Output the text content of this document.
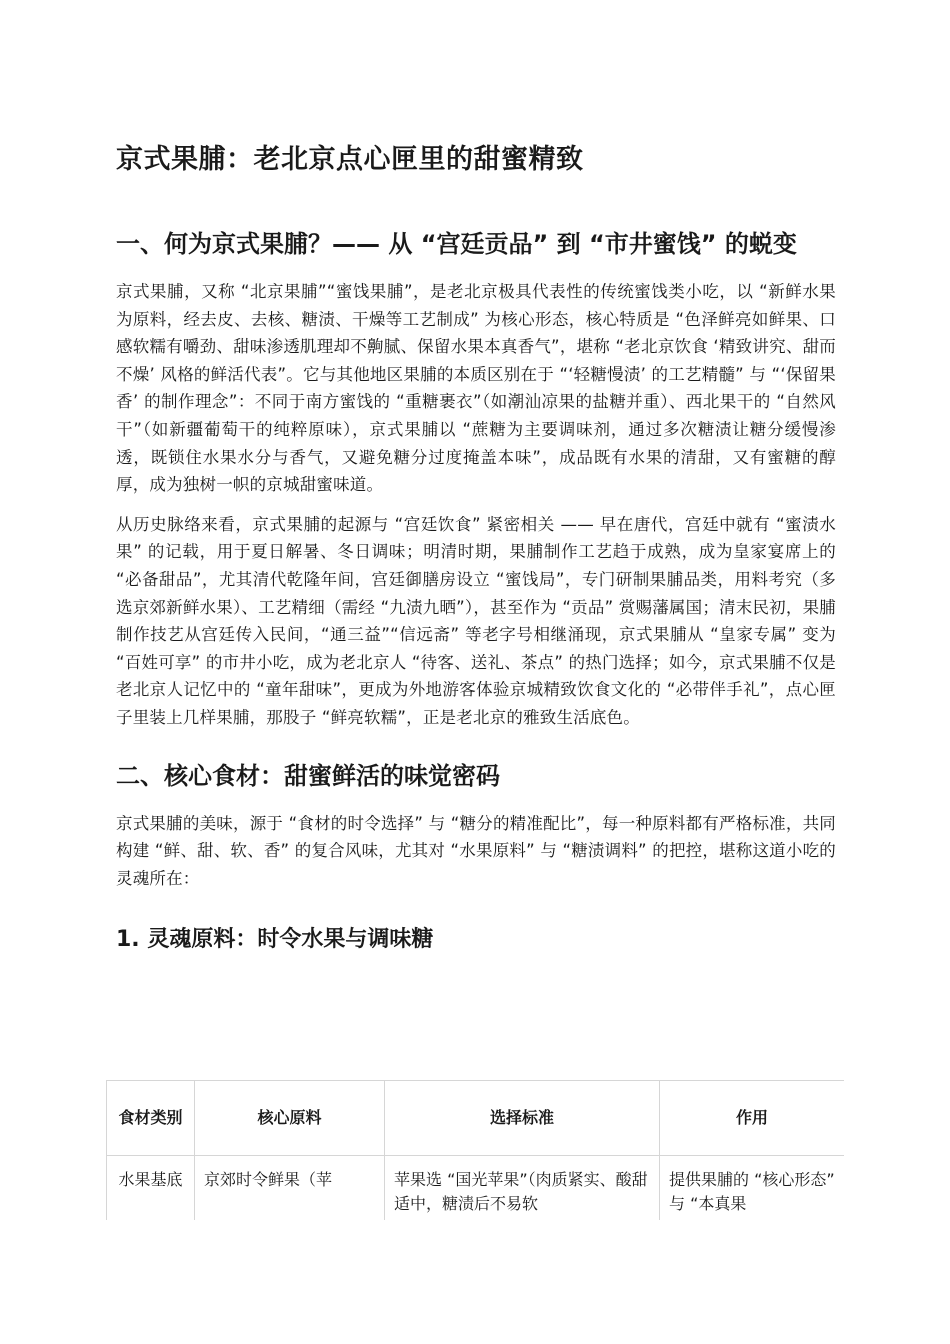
京式果脯：老北京点心匣里的甜蜜精致
一、何为京式果脯？—— 从 “宫廷贡品” 到 “市井蜜饯” 的蜕变

京式果脯，又称 “北京果脯”“蜜饯果脯”，是老北京极具代表性的传统蜜饯类小吃，以 “新鲜水果为原料，经去皮、去核、糖渍、干燥等工艺制成” 为核心形态，核心特质是 “色泽鲜亮如鲜果、口感软糯有嚼劲、甜味渗透肌理却不齁腻、保留水果本真香气”，堪称 “老北京饮食 ‘精致讲究、甜而不燥’ 风格的鲜活代表”。它与其他地区果脯的本质区别在于 “‘轻糖慢渍’ 的工艺精髓” 与 “‘保留果香’ 的制作理念”：不同于南方蜜饯的 “重糖裹衣”（如潮汕凉果的盐糖并重）、西北果干的 “自然风干”（如新疆葡萄干的纯粹原味），京式果脯以 “蔗糖为主要调味剂，通过多次糖渍让糖分缓慢渗透，既锁住水果水分与香气，又避免糖分过度掩盖本味”，成品既有水果的清甜，又有蜜糖的醇厚，成为独树一帜的京城甜蜜味道。

从历史脉络来看，京式果脯的起源与 “宫廷饮食” 紧密相关 —— 早在唐代，宫廷中就有 “蜜渍水果” 的记载，用于夏日解暑、冬日调味；明清时期，果脯制作工艺趋于成熟，成为皇家宴席上的 “必备甜品”，尤其清代乾隆年间，宫廷御膳房设立 “蜜饯局”，专门研制果脯品类，用料考究（多选京郊新鲜水果）、工艺精细（需经 “九渍九晒”），甚至作为 “贡品” 赏赐藩属国；清末民初，果脯制作技艺从宫廷传入民间，“通三益”“信远斋” 等老字号相继涌现，京式果脯从 “皇家专属” 变为 “百姓可享” 的市井小吃，成为老北京人 “待客、送礼、茶点” 的热门选择；如今，京式果脯不仅是老北京人记忆中的 “童年甜味”，更成为外地游客体验京城精致饮食文化的 “必带伴手礼”，点心匣子里装上几样果脯，那股子 “鲜亮软糯”，正是老北京的雅致生活底色。

二、核心食材：甜蜜鲜活的味觉密码

京式果脯的美味，源于 “食材的时令选择” 与 “糖分的精准配比”，每一种原料都有严格标准，共同构建 “鲜、甜、软、香” 的复合风味，尤其对 “水果原料” 与 “糖渍调料” 的把控，堪称这道小吃的灵魂所在：

1. 灵魂原料：时令水果与调味糖
食材类别	核心原料	选择标准	作用
水果基底	京郊时令鲜果（苹	苹果选 “国光苹果”（肉质紧实、酸甜适中，糖渍后不易软	提供果脯的 “核心形态” 与 “本真果
